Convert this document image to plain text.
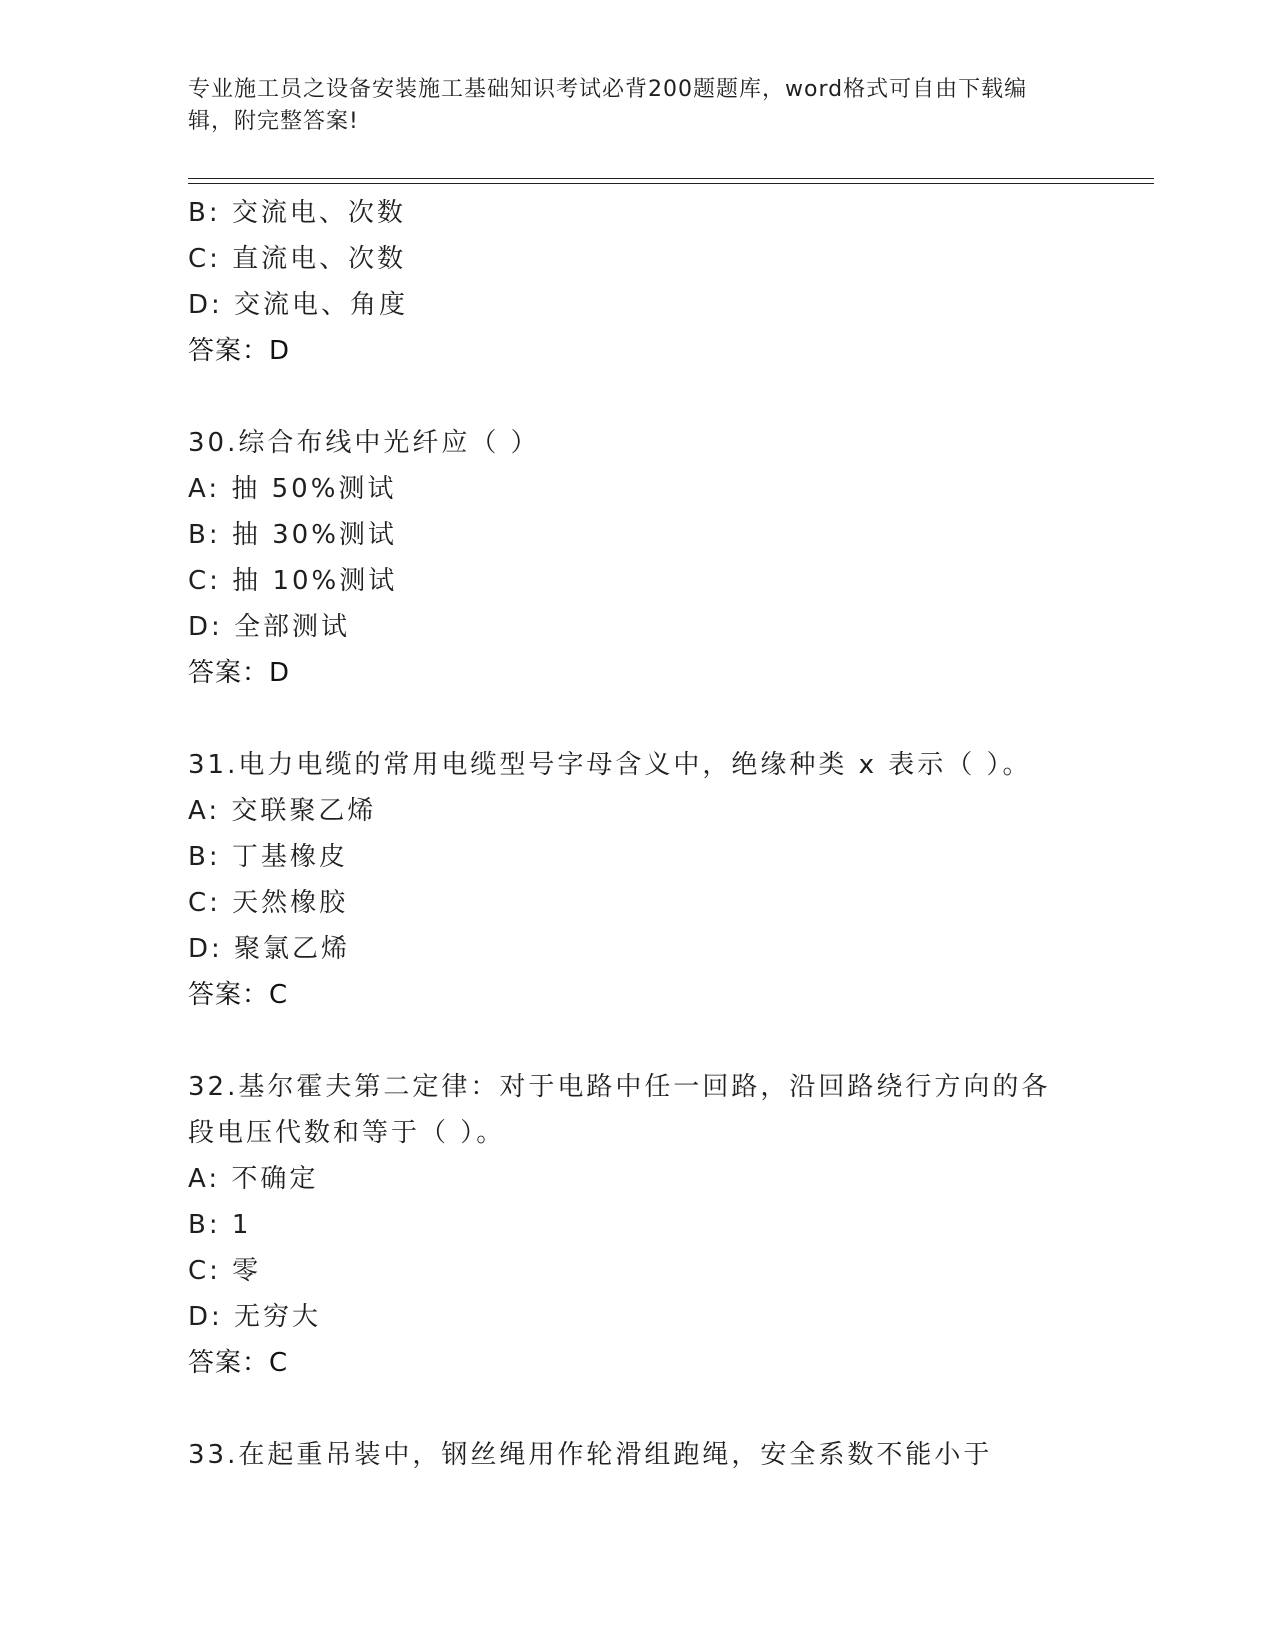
专业施工员之设备安装施工基础知识考试必背200题题库，word格式可自由下载编辑，附完整答案!
B: 交流电、次数
C: 直流电、次数
D: 交流电、角度
答案：D
30.综合布线中光纤应（ ）
A: 抽 50%测试
B: 抽 30%测试
C: 抽 10%测试
D: 全部测试
答案：D
31.电力电缆的常用电缆型号字母含义中，绝缘种类 x 表示（ ）。
A: 交联聚乙烯
B: 丁基橡皮
C: 天然橡胶
D: 聚氯乙烯
答案：C
32.基尔霍夫第二定律：对于电路中任一回路，沿回路绕行方向的各段电压代数和等于（ ）。
A: 不确定
B: 1
C: 零
D: 无穷大
答案：C
33.在起重吊装中，钢丝绳用作轮滑组跑绳，安全系数不能小于
